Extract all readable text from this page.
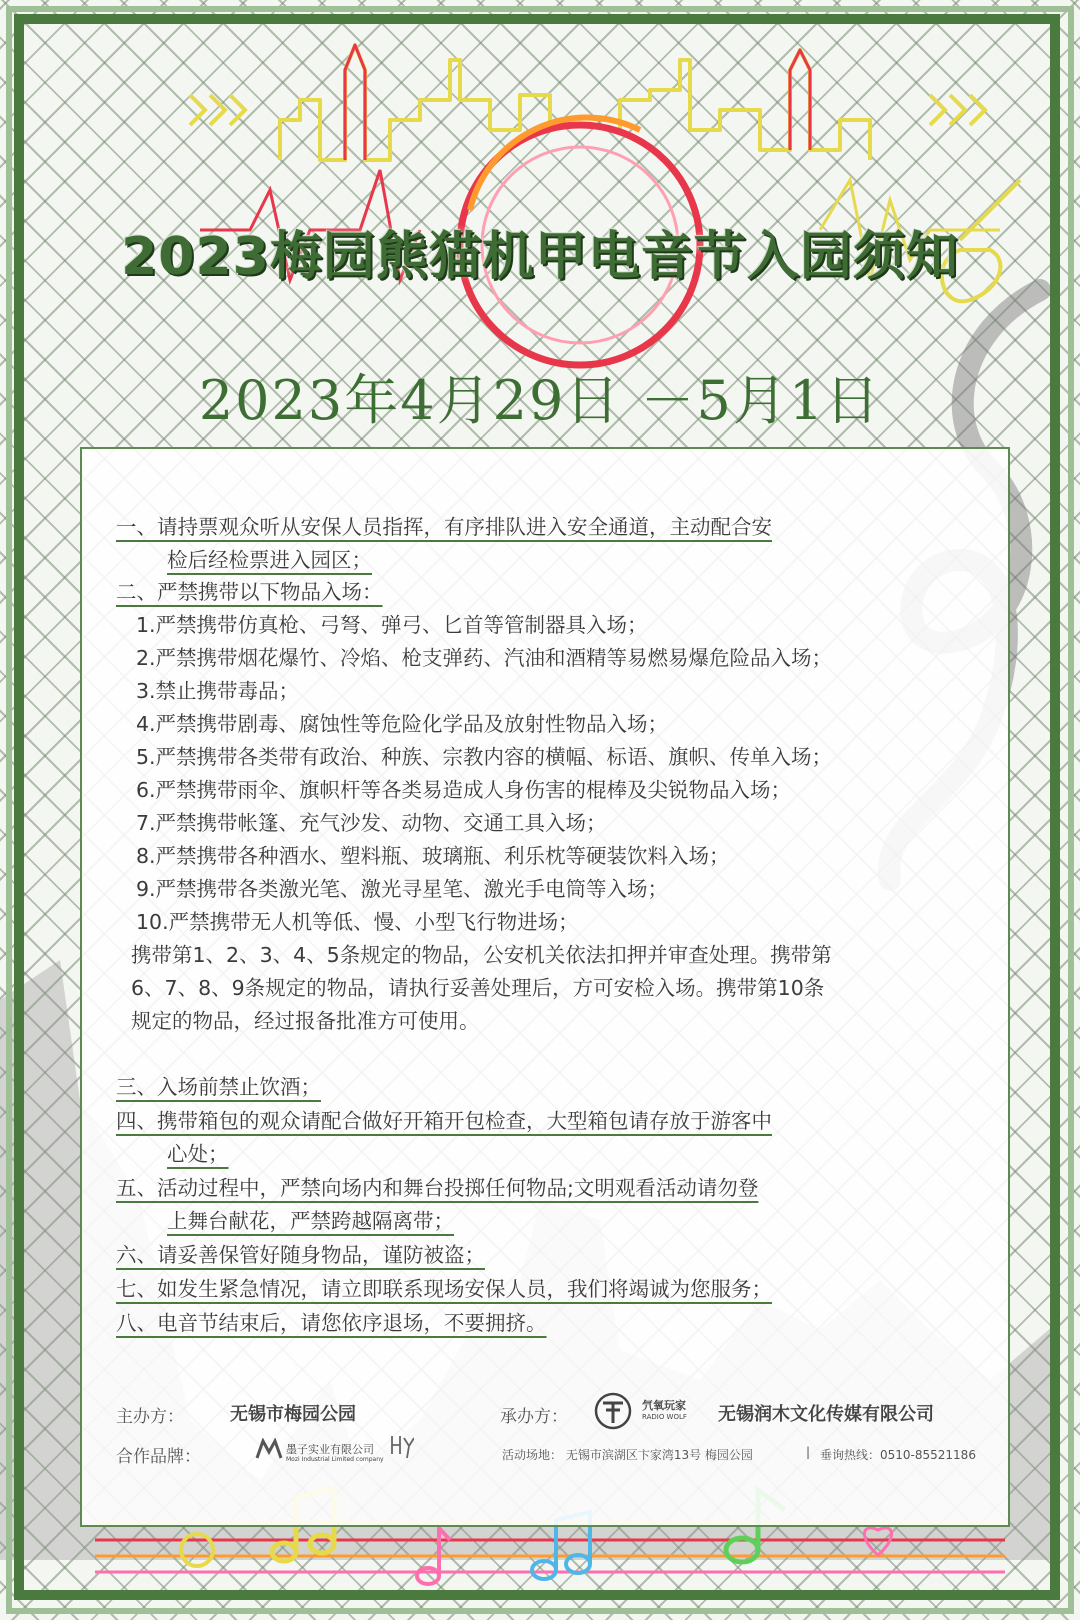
2023梅园熊猫机甲电音节入园须知
2023年4月29日 －5月1日
一、请持票观众听从安保人员指挥，有序排队进入安全通道，主动配合安
检后经检票进入园区；
二、严禁携带以下物品入场：
1.严禁携带仿真枪、弓弩、弹弓、匕首等管制器具入场；
2.严禁携带烟花爆竹、冷焰、枪支弹药、汽油和酒精等易燃易爆危险品入场；
3.禁止携带毒品；
4.严禁携带剧毒、腐蚀性等危险化学品及放射性物品入场；
5.严禁携带各类带有政治、种族、宗教内容的横幅、标语、旗帜、传单入场；
6.严禁携带雨伞、旗帜杆等各类易造成人身伤害的棍棒及尖锐物品入场；
7.严禁携带帐篷、充气沙发、动物、交通工具入场；
8.严禁携带各种酒水、塑料瓶、玻璃瓶、利乐枕等硬装饮料入场；
9.严禁携带各类激光笔、激光寻星笔、激光手电筒等入场；
10.严禁携带无人机等低、慢、小型飞行物进场；
携带第1、2、3、4、5条规定的物品，公安机关依法扣押并审查处理。携带第
6、7、8、9条规定的物品，请执行妥善处理后，方可安检入场。携带第10条
规定的物品，经过报备批准方可使用。
三、入场前禁止饮酒；
四、携带箱包的观众请配合做好开箱开包检查，大型箱包请存放于游客中
心处；
五、活动过程中，严禁向场内和舞台投掷任何物品;文明观看活动请勿登
上舞台献花，严禁跨越隔离带；
六、请妥善保管好随身物品，谨防被盗；
七、如发生紧急情况，请立即联系现场安保人员，我们将竭诚为您服务；
八、电音节结束后，请您依序退场，不要拥挤。
主办方：	无锡市梅园公园	承办方：
氕氧玩家
RADIO WOLF 无锡润木文化传媒有限公司
合作品牌：	墨子实业有限公司
Mozi Industrial Limited company	活动场地： 无锡市滨湖区卞家湾13号 梅园公园	| 垂询热线：0510-85521186
